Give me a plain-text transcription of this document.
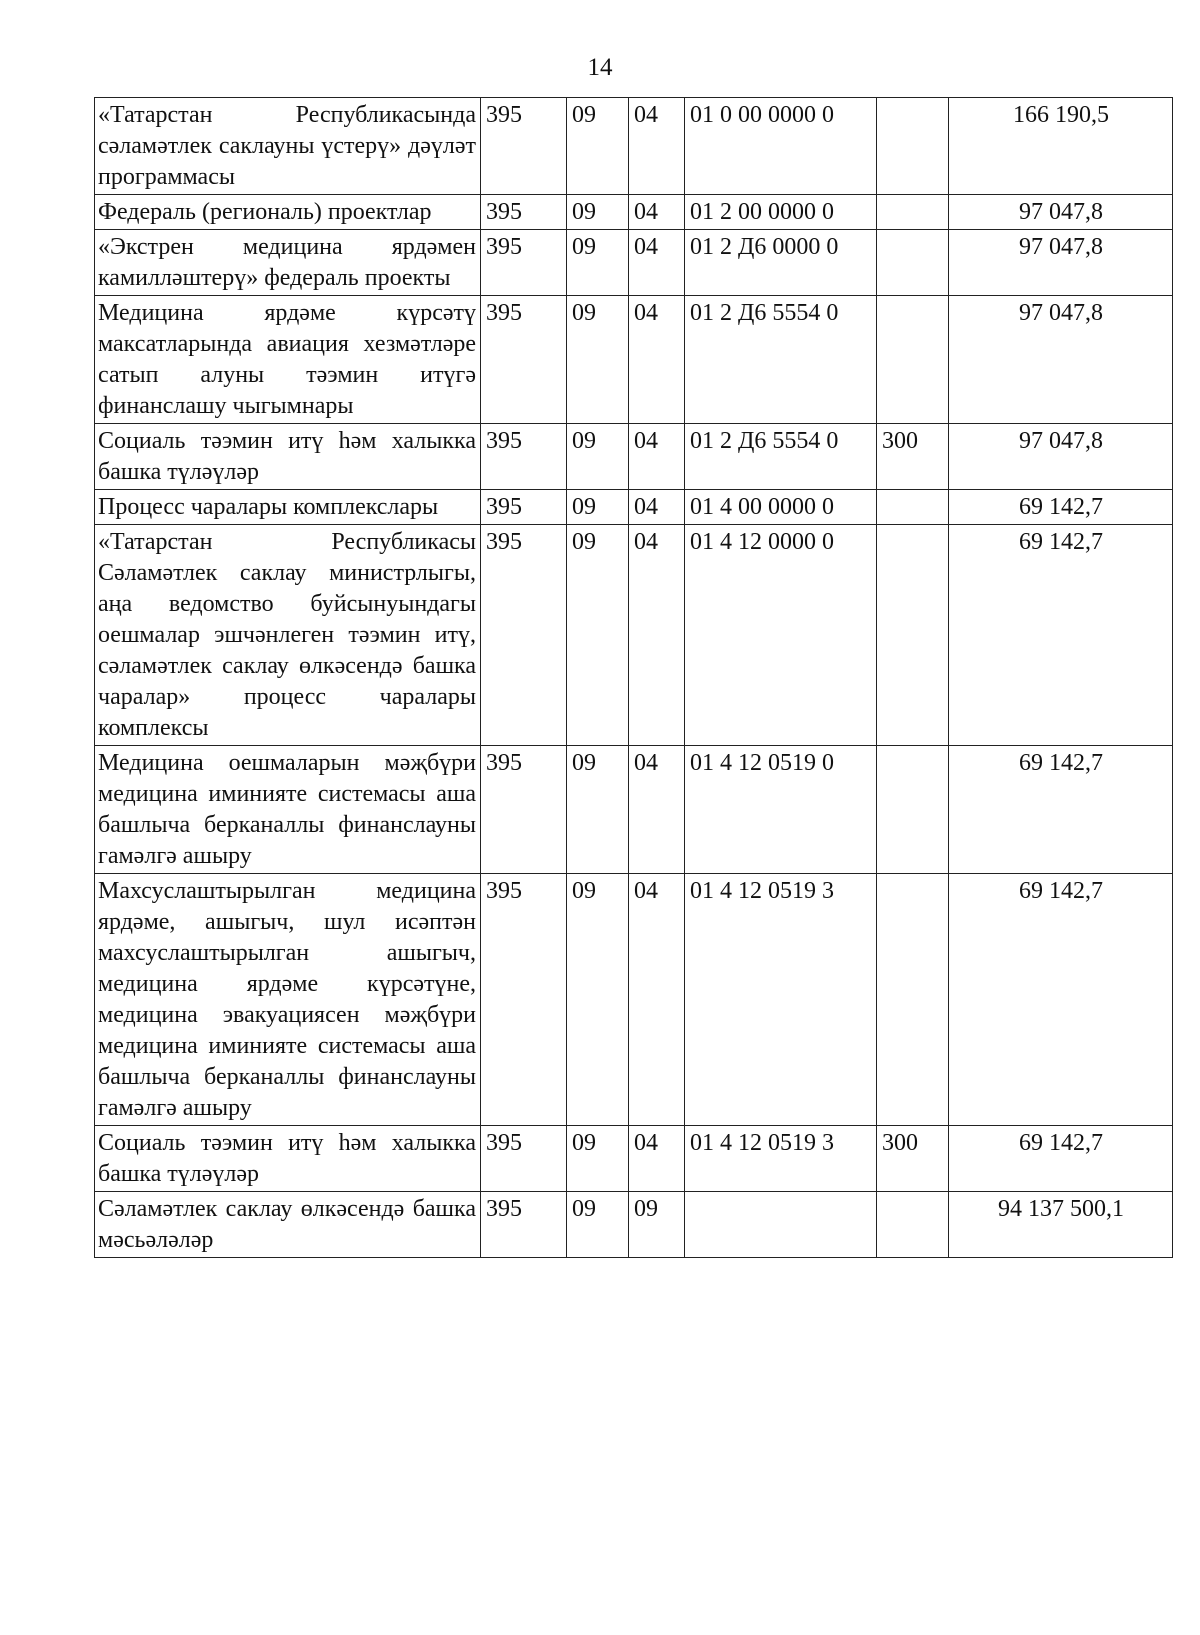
14
«Татарстан Республикасында сәламәтлек саклауны үстерү» дәүләт программасы	395	09	04	01 0 00 0000 0		166 190,5
Федераль (региональ) проектлар	395	09	04	01 2 00 0000 0		97 047,8
«Экстрен медицина ярдәмен камилләштерү» федераль проекты	395	09	04	01 2 Д6 0000 0		97 047,8
Медицина ярдәме күрсәтү максатларында авиация хезмәтләре сатып алуны тәэмин итүгә финанслашу чыгымнары	395	09	04	01 2 Д6 5554 0		97 047,8
Социаль тәэмин итү һәм халыкка башка түләүләр	395	09	04	01 2 Д6 5554 0	300	97 047,8
Процесс чаралары комплекслары	395	09	04	01 4 00 0000 0		69 142,7
«Татарстан Республикасы Сәламәтлек саклау министрлыгы, аңа ведомство буйсынуындагы оешмалар эшчәнлеген тәэмин итү, сәламәтлек саклау өлкәсендә башка чаралар» процесс чаралары комплексы	395	09	04	01 4 12 0000 0		69 142,7
Медицина оешмаларын мәҗбүри медицина иминияте системасы аша башлыча берканаллы финанслауны гамәлгә ашыру	395	09	04	01 4 12 0519 0		69 142,7
Махсуслаштырылган медицина ярдәме, ашыгыч, шул исәптән махсуслаштырылган ашыгыч, медицина ярдәме күрсәтүне, медицина эвакуациясен мәҗбүри медицина иминияте системасы аша башлыча берканаллы финанслауны гамәлгә ашыру	395	09	04	01 4 12 0519 3		69 142,7
Социаль тәэмин итү һәм халыкка башка түләүләр	395	09	04	01 4 12 0519 3	300	69 142,7
Сәламәтлек саклау өлкәсендә башка мәсьәләләр	395	09	09			94 137 500,1
